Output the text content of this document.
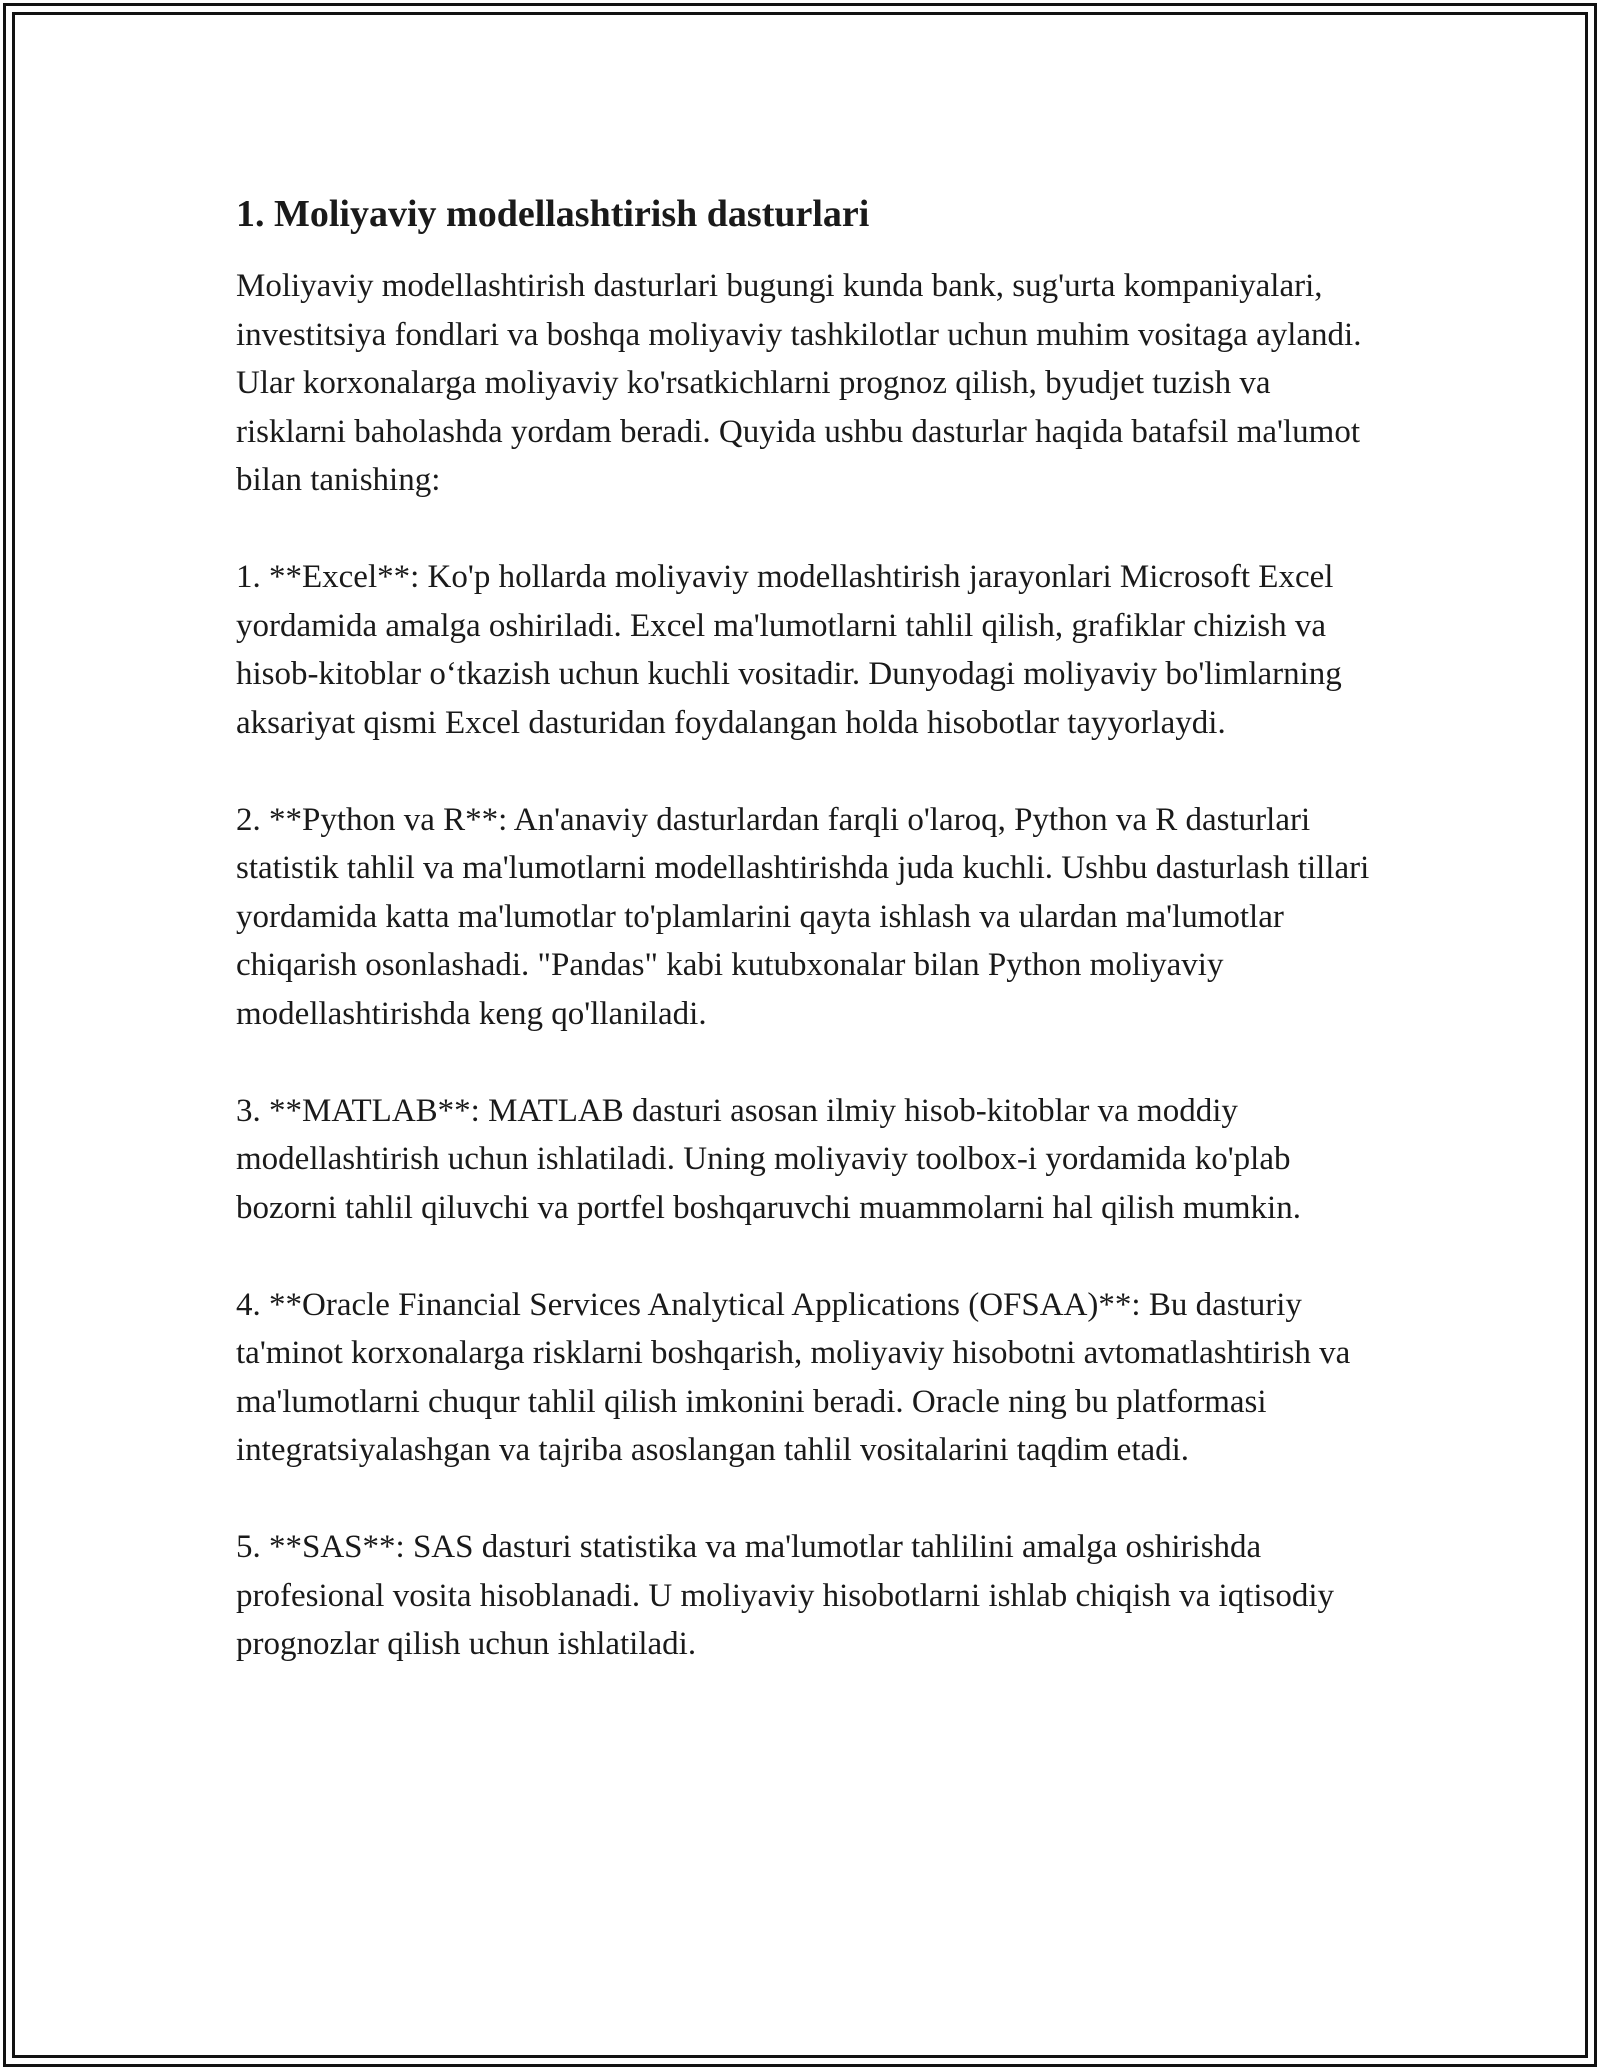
1. Moliyaviy modellashtirish dasturlari

Moliyaviy modellashtirish dasturlari bugungi kunda bank, sug'urta kompaniyalari, investitsiya fondlari va boshqa moliyaviy tashkilotlar uchun muhim vositaga aylandi. Ular korxonalarga moliyaviy ko'rsatkichlarni prognoz qilish, byudjet tuzish va risklarni baholashda yordam beradi. Quyida ushbu dasturlar haqida batafsil ma'lumot bilan tanishing:

1. **Excel**: Ko'p hollarda moliyaviy modellashtirish jarayonlari Microsoft Excel yordamida amalga oshiriladi. Excel ma'lumotlarni tahlil qilish, grafiklar chizish va hisob-kitoblar o‘tkazish uchun kuchli vositadir. Dunyodagi moliyaviy bo'limlarning aksariyat qismi Excel dasturidan foydalangan holda hisobotlar tayyorlaydi.

2. **Python va R**: An'anaviy dasturlardan farqli o'laroq, Python va R dasturlari statistik tahlil va ma'lumotlarni modellashtirishda juda kuchli. Ushbu dasturlash tillari yordamida katta ma'lumotlar to'plamlarini qayta ishlash va ulardan ma'lumotlar chiqarish osonlashadi. "Pandas" kabi kutubxonalar bilan Python moliyaviy modellashtirishda keng qo'llaniladi.

3. **MATLAB**: MATLAB dasturi asosan ilmiy hisob-kitoblar va moddiy modellashtirish uchun ishlatiladi. Uning moliyaviy toolbox-i yordamida ko'plab bozorni tahlil qiluvchi va portfel boshqaruvchi muammolarni hal qilish mumkin.

4. **Oracle Financial Services Analytical Applications (OFSAA)**: Bu dasturiy ta'minot korxonalarga risklarni boshqarish, moliyaviy hisobotni avtomatlashtirish va ma'lumotlarni chuqur tahlil qilish imkonini beradi. Oracle ning bu platformasi integratsiyalashgan va tajriba asoslangan tahlil vositalarini taqdim etadi.

5. **SAS**: SAS dasturi statistika va ma'lumotlar tahlilini amalga oshirishda profesional vosita hisoblanadi. U moliyaviy hisobotlarni ishlab chiqish va iqtisodiy prognozlar qilish uchun ishlatiladi.
